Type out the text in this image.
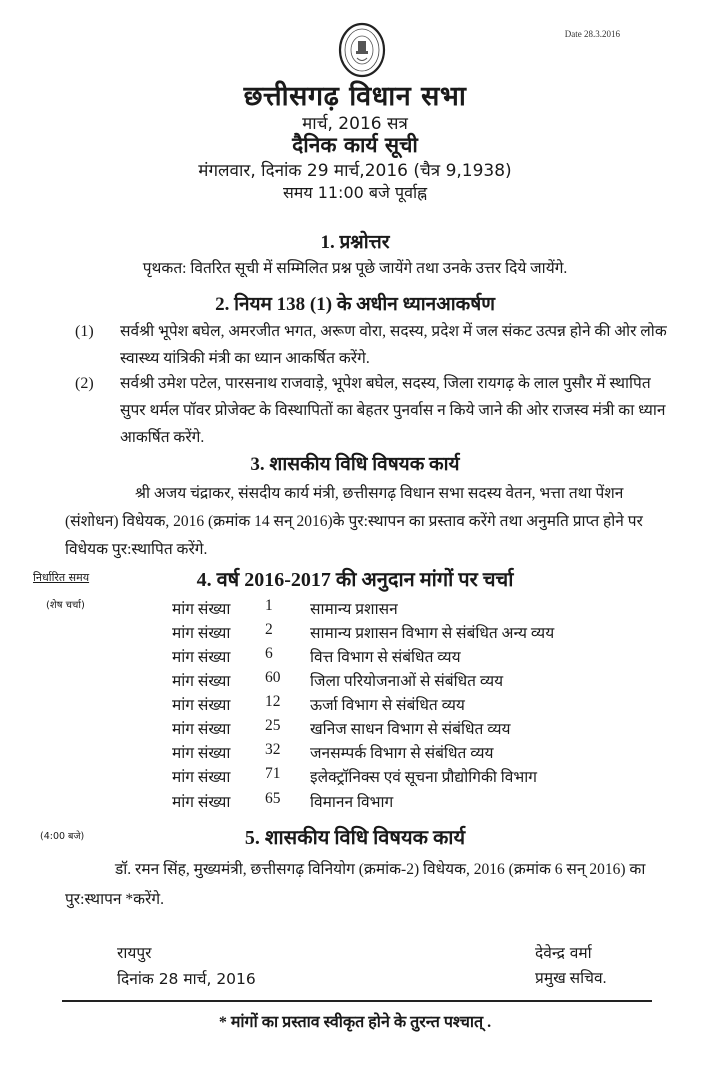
Date 28.3.2016
छत्तीसगढ़ विधान सभा
मार्च, 2016 सत्र
दैनिक कार्य सूची
मंगलवार, दिनांक 29 मार्च,2016 (चैत्र 9,1938)
समय 11:00 बजे पूर्वाह्न
1. प्रश्नोत्तर
पृथकत: वितरित सूची में सम्मिलित प्रश्न पूछे जायेंगे तथा उनके उत्तर दिये जायेंगे.
2. नियम 138 (1) के अधीन ध्यानआकर्षण
(1) सर्वश्री भूपेश बघेल, अमरजीत भगत, अरूण वोरा, सदस्य, प्रदेश में जल संकट उत्पन्न होने की ओर लोक स्वास्थ्य यांत्रिकी मंत्री का ध्यान आकर्षित करेंगे.
(2) सर्वश्री उमेश पटेल, पारसनाथ राजवाड़े, भूपेश बघेल, सदस्य, जिला रायगढ़ के लाल पुसौर में स्थापित सुपर थर्मल पॉवर प्रोजेक्ट के विस्थापितों का बेहतर पुनर्वास न किये जाने की ओर राजस्व मंत्री का ध्यान आकर्षित करेंगे.
3. शासकीय विधि विषयक कार्य
श्री अजय चंद्राकर, संसदीय कार्य मंत्री, छत्तीसगढ़ विधान सभा सदस्य वेतन, भत्ता तथा पेंशन (संशोधन) विधेयक, 2016 (क्रमांक 14 सन् 2016)के पुर:स्थापन का प्रस्ताव करेंगे तथा अनुमति प्राप्त होने पर विधेयक पुर:स्थापित करेंगे.
निर्धारित समय
(शेष चर्चा)
4. वर्ष 2016-2017 की अनुदान मांगों पर चर्चा
मांग संख्या 1 सामान्य प्रशासन
मांग संख्या 2 सामान्य प्रशासन विभाग से संबंधित अन्य व्यय
मांग संख्या 6 वित्त विभाग से संबंधित व्यय
मांग संख्या 60 जिला परियोजनाओं से संबंधित व्यय
मांग संख्या 12 ऊर्जा विभाग से संबंधित व्यय
मांग संख्या 25 खनिज साधन विभाग से संबंधित व्यय
मांग संख्या 32 जनसम्पर्क विभाग से संबंधित व्यय
मांग संख्या 71 इलेक्ट्रॉनिक्स एवं सूचना प्रौद्योगिकी विभाग
मांग संख्या 65 विमानन विभाग
(4:00 बजे)	5. शासकीय विधि विषयक कार्य
डॉ. रमन सिंह, मुख्यमंत्री, छत्तीसगढ़ विनियोग (क्रमांक-2) विधेयक, 2016 (क्रमांक 6 सन् 2016) का पुर:स्थापन *करेंगे.
रायपुर
दिनांक 28 मार्च, 2016
देवेन्द्र वर्मा
प्रमुख सचिव.
* मांगों का प्रस्ताव स्वीकृत होने के तुरन्त पश्चात् .
